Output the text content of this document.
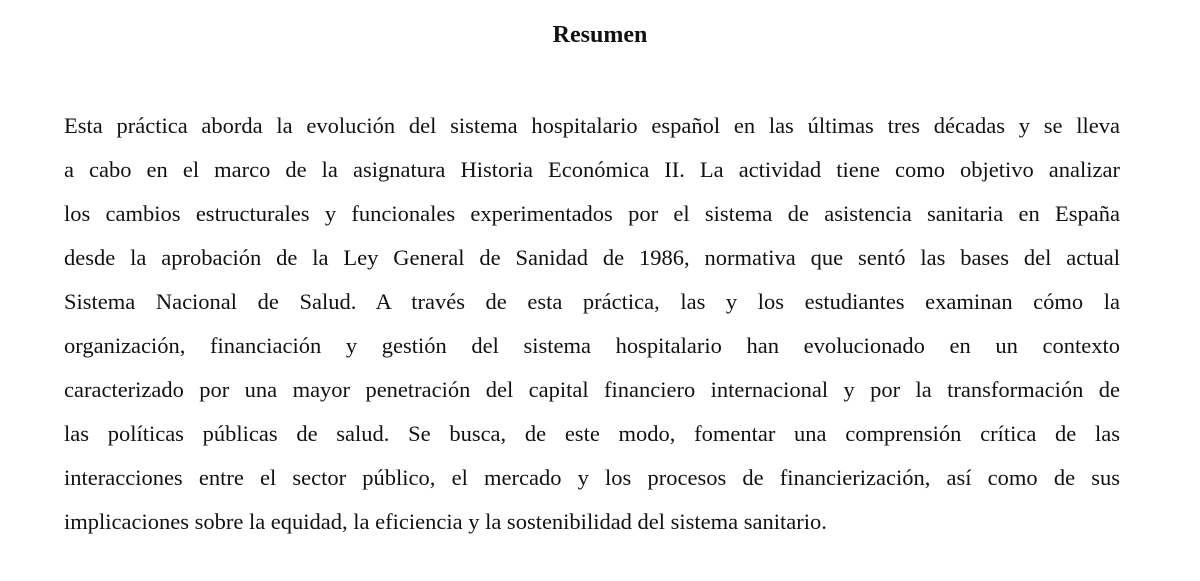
Resumen
Esta práctica aborda la evolución del sistema hospitalario español en las últimas tres décadas y se lleva
a cabo en el marco de la asignatura Historia Económica II. La actividad tiene como objetivo analizar
los cambios estructurales y funcionales experimentados por el sistema de asistencia sanitaria en España
desde la aprobación de la Ley General de Sanidad de 1986, normativa que sentó las bases del actual
Sistema Nacional de Salud. A través de esta práctica, las y los estudiantes examinan cómo la
organización, financiación y gestión del sistema hospitalario han evolucionado en un contexto
caracterizado por una mayor penetración del capital financiero internacional y por la transformación de
las políticas públicas de salud. Se busca, de este modo, fomentar una comprensión crítica de las
interacciones entre el sector público, el mercado y los procesos de financierización, así como de sus
implicaciones sobre la equidad, la eficiencia y la sostenibilidad del sistema sanitario.
